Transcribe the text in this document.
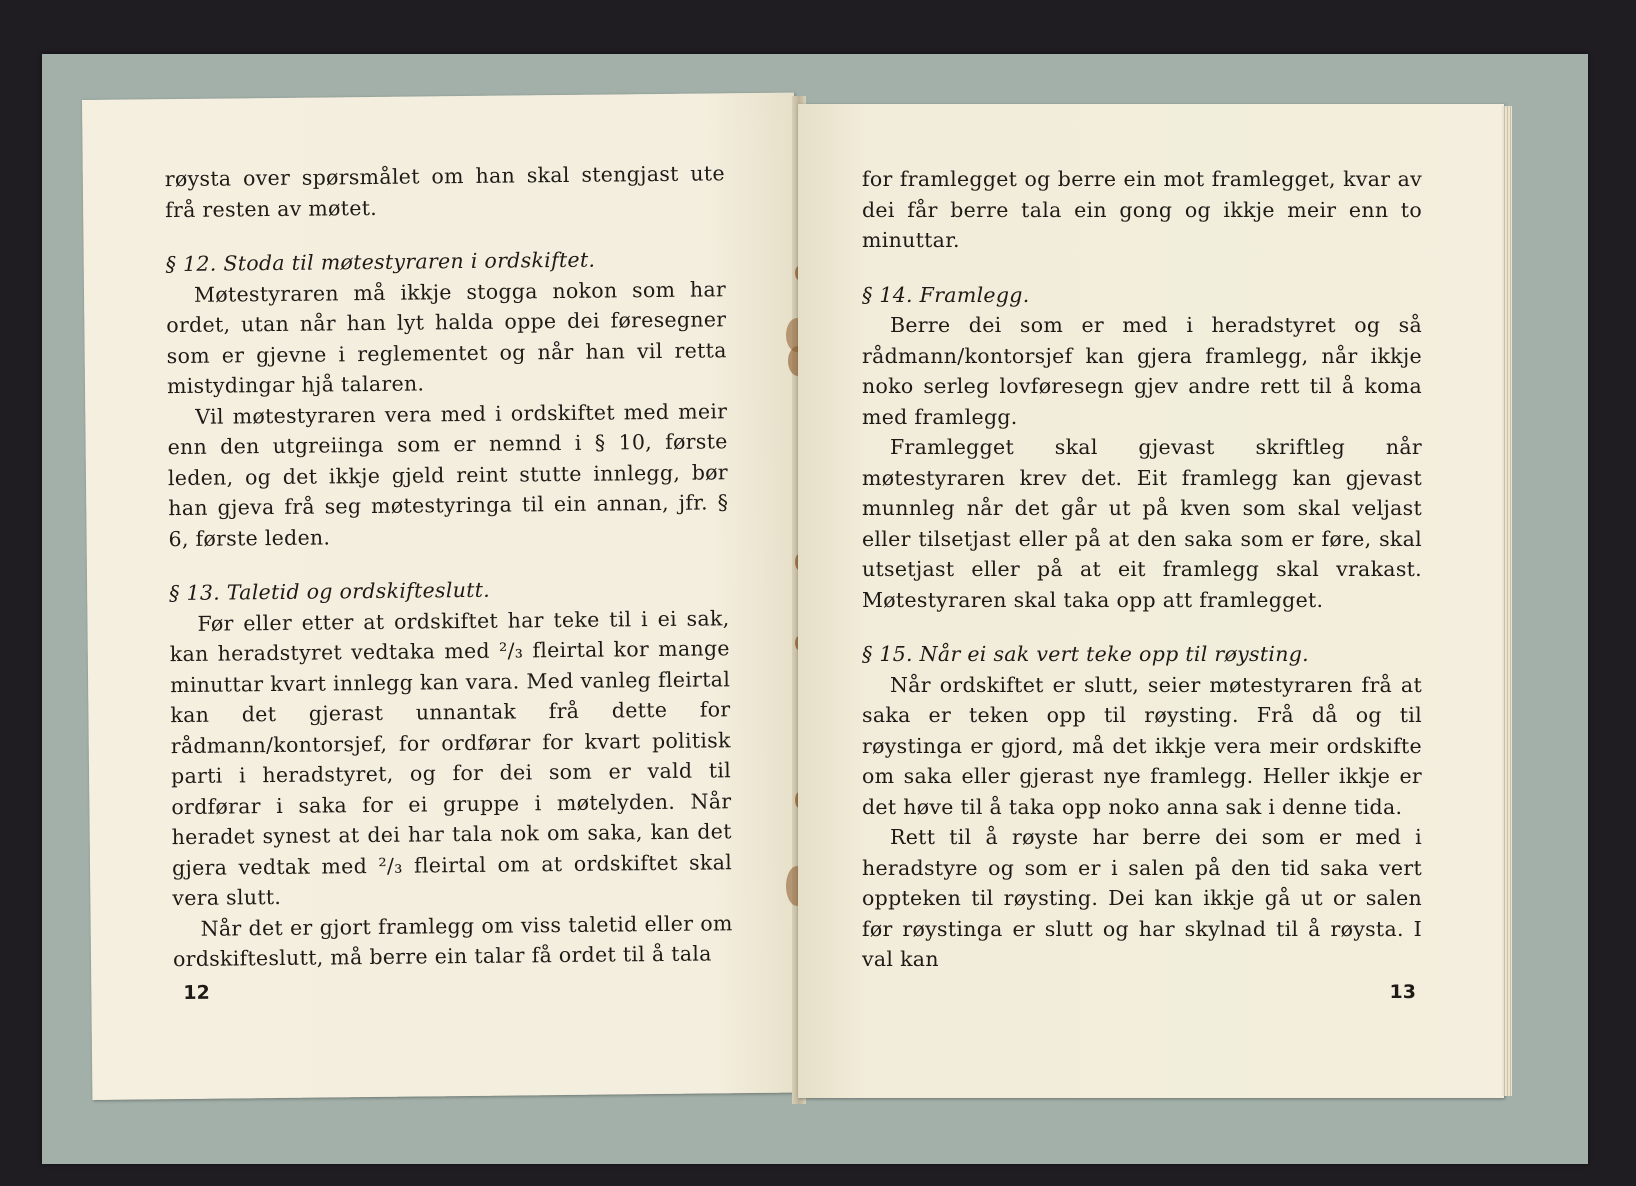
røysta over spørsmålet om han skal stengjast ute frå resten av møtet.

§ 12. Stoda til møtestyraren i ordskiftet.

Møtestyraren må ikkje stogga nokon som har ordet, utan når han lyt halda oppe dei føresegner som er gjevne i reglementet og når han vil retta mistydingar hjå talaren.

Vil møtestyraren vera med i ordskiftet med meir enn den utgreiinga som er nemnd i § 10, første leden, og det ikkje gjeld reint stutte innlegg, bør han gjeva frå seg møtestyringa til ein annan, jfr. § 6, første leden.

§ 13. Taletid og ordskifteslutt.

Før eller etter at ordskiftet har teke til i ei sak, kan heradstyret vedtaka med ²/₃ fleirtal kor mange minuttar kvart innlegg kan vara. Med vanleg fleirtal kan det gjerast unnantak frå dette for rådmann/kontorsjef, for ordførar for kvart politisk parti i heradstyret, og for dei som er vald til ordførar i saka for ei gruppe i møtelyden. Når heradet synest at dei har tala nok om saka, kan det gjera vedtak med ²/₃ fleirtal om at ordskiftet skal vera slutt.

Når det er gjort framlegg om viss taletid eller om ordskifteslutt, må berre ein talar få ordet til å tala

12

for framlegget og berre ein mot framlegget, kvar av dei får berre tala ein gong og ikkje meir enn to minuttar.

§ 14. Framlegg.

Berre dei som er med i heradstyret og så rådmann/kontorsjef kan gjera framlegg, når ikkje noko serleg lovføresegn gjev andre rett til å koma med framlegg.

Framlegget skal gjevast skriftleg når møtestyraren krev det. Eit framlegg kan gjevast munnleg når det går ut på kven som skal veljast eller tilsetjast eller på at den saka som er føre, skal utsetjast eller på at eit framlegg skal vrakast. Møtestyraren skal taka opp att framlegget.

§ 15. Når ei sak vert teke opp til røysting.

Når ordskiftet er slutt, seier møtestyraren frå at saka er teken opp til røysting. Frå då og til røystinga er gjord, må det ikkje vera meir ordskifte om saka eller gjerast nye framlegg. Heller ikkje er det høve til å taka opp noko anna sak i denne tida.

Rett til å røyste har berre dei som er med i heradstyre og som er i salen på den tid saka vert oppteken til røysting. Dei kan ikkje gå ut or salen før røystinga er slutt og har skylnad til å røysta. I val kan

13
